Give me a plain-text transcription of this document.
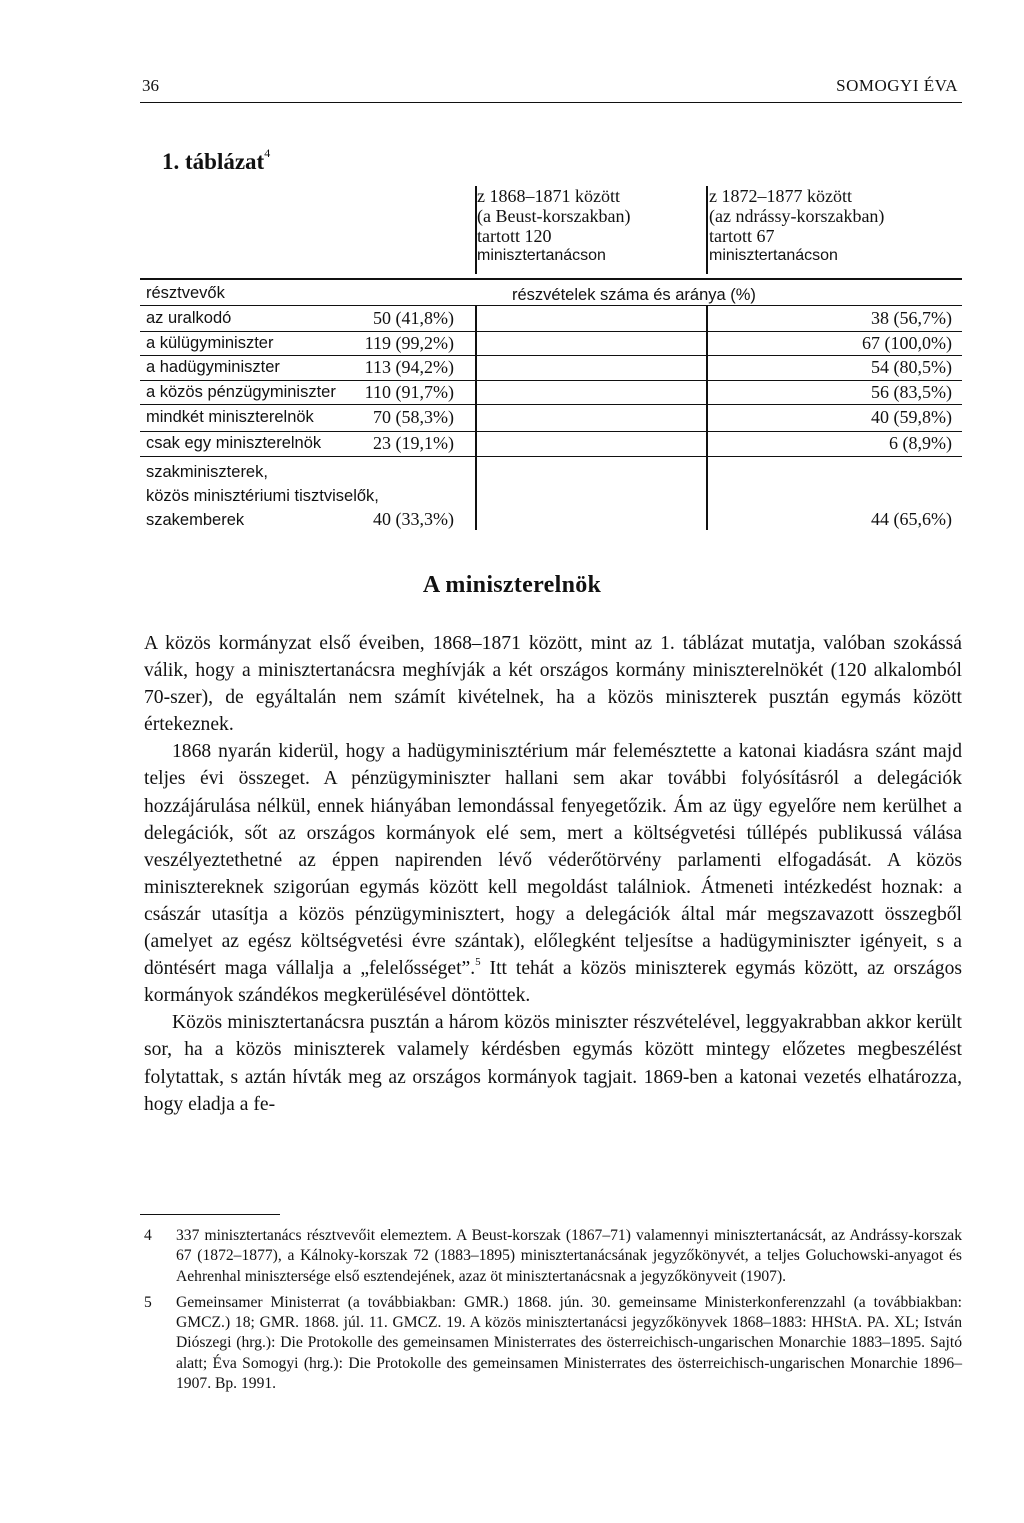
36	SOMOGYI ÉVA
1. táblázat$^4$
z 1868–1871 között
(a Beust-korszakban)
tartott 120
minisztertanácson
z 1872–1877 között
(az ndrássy-korszakban)
tartott 67
minisztertanácson
résztvevők	részvételek száma és aránya (%)
az uralkodó	50 (41,8%)	38 (56,7%)
a külügyminiszter	119 (99,2%)	67 (100,0%)
a hadügyminiszter	113 (94,2%)	54 (80,5%)
a közös pénzügyminiszter 110 (91,7%)	56 (83,5%)
mindkét miniszterelnök	70 (58,3%)	40 (59,8%)
csak egy miniszterelnök	23 (19,1%)	6 (8,9%)
szakminiszterek,
közös minisztériumi tisztviselők,
szakemberek	40 (33,3%)	44 (65,6%)
A miniszterelnök

A közös kormányzat első éveiben, 1868–1871 között, mint az 1. táblázat mutatja, valóban szokássá válik, hogy a minisztertanácsra meghívják a két országos kormány miniszterelnökét (120 alkalomból 70-szer), de egyáltalán nem számít kivételnek, ha a közös miniszterek pusztán egymás között értekeznek.

1868 nyarán kiderül, hogy a hadügyminisztérium már felemésztette a katonai kiadásra szánt majd teljes évi összeget. A pénzügyminiszter hallani sem akar további folyósításról a delegációk hozzájárulása nélkül, ennek hiányában lemondással fenyegetőzik. Ám az ügy egyelőre nem kerülhet a delegációk, sőt az országos kormányok elé sem, mert a költségvetési túllépés publikussá válása veszélyeztethetné az éppen napirenden lévő véderőtörvény parlamenti elfogadását. A közös minisztereknek szigorúan egymás között kell megoldást találniok. Átmeneti intézkedést hoznak: a császár utasítja a közös pénzügyminisztert, hogy a delegációk által már megszavazott összegből (amelyet az egész költségvetési évre szántak), előlegként teljesítse a hadügyminiszter igényeit, s a döntésért maga vállalja a „felelősséget”.$^5$ Itt tehát a közös miniszterek egymás között, az országos kormányok szándékos megkerülésével döntöttek.

Közös minisztertanácsra pusztán a három közös miniszter részvételével, leggyakrabban akkor került sor, ha a közös miniszterek valamely kérdésben egymás között mintegy előzetes megbeszélést folytattak, s aztán hívták meg az országos kormányok tagjait. 1869-ben a katonai vezetés elhatározza, hogy eladja a fe-

4 337 minisztertanács résztvevőit elemeztem. A Beust-korszak (1867–71) valamennyi minisztertanácsát, az Andrássy-korszak 67 (1872–1877), a Kálnoky-korszak 72 (1883–1895) minisztertanácsának jegyzőkönyvét, a teljes Goluchowski-anyagot és Aehrenhal minisztersége első esztendejének, azaz öt minisztertanácsnak a jegyzőkönyveit (1907).
5 Gemeinsamer Ministerrat (a továbbiakban: GMR.) 1868. jún. 30. gemeinsame Ministerkonferenzzahl (a továbbiakban: GMCZ.) 18; GMR. 1868. júl. 11. GMCZ. 19. A közös minisztertanácsi jegyzőkönyvek 1868–1883: HHStA. PA. XL; István Diószegi (hrg.): Die Protokolle des gemeinsamen Ministerrates des österreichisch-ungarischen Monarchie 1883–1895. Sajtó alatt; Éva Somogyi (hrg.): Die Protokolle des gemeinsamen Ministerrates des österreichisch-ungarischen Monarchie 1896–1907. Bp. 1991.
